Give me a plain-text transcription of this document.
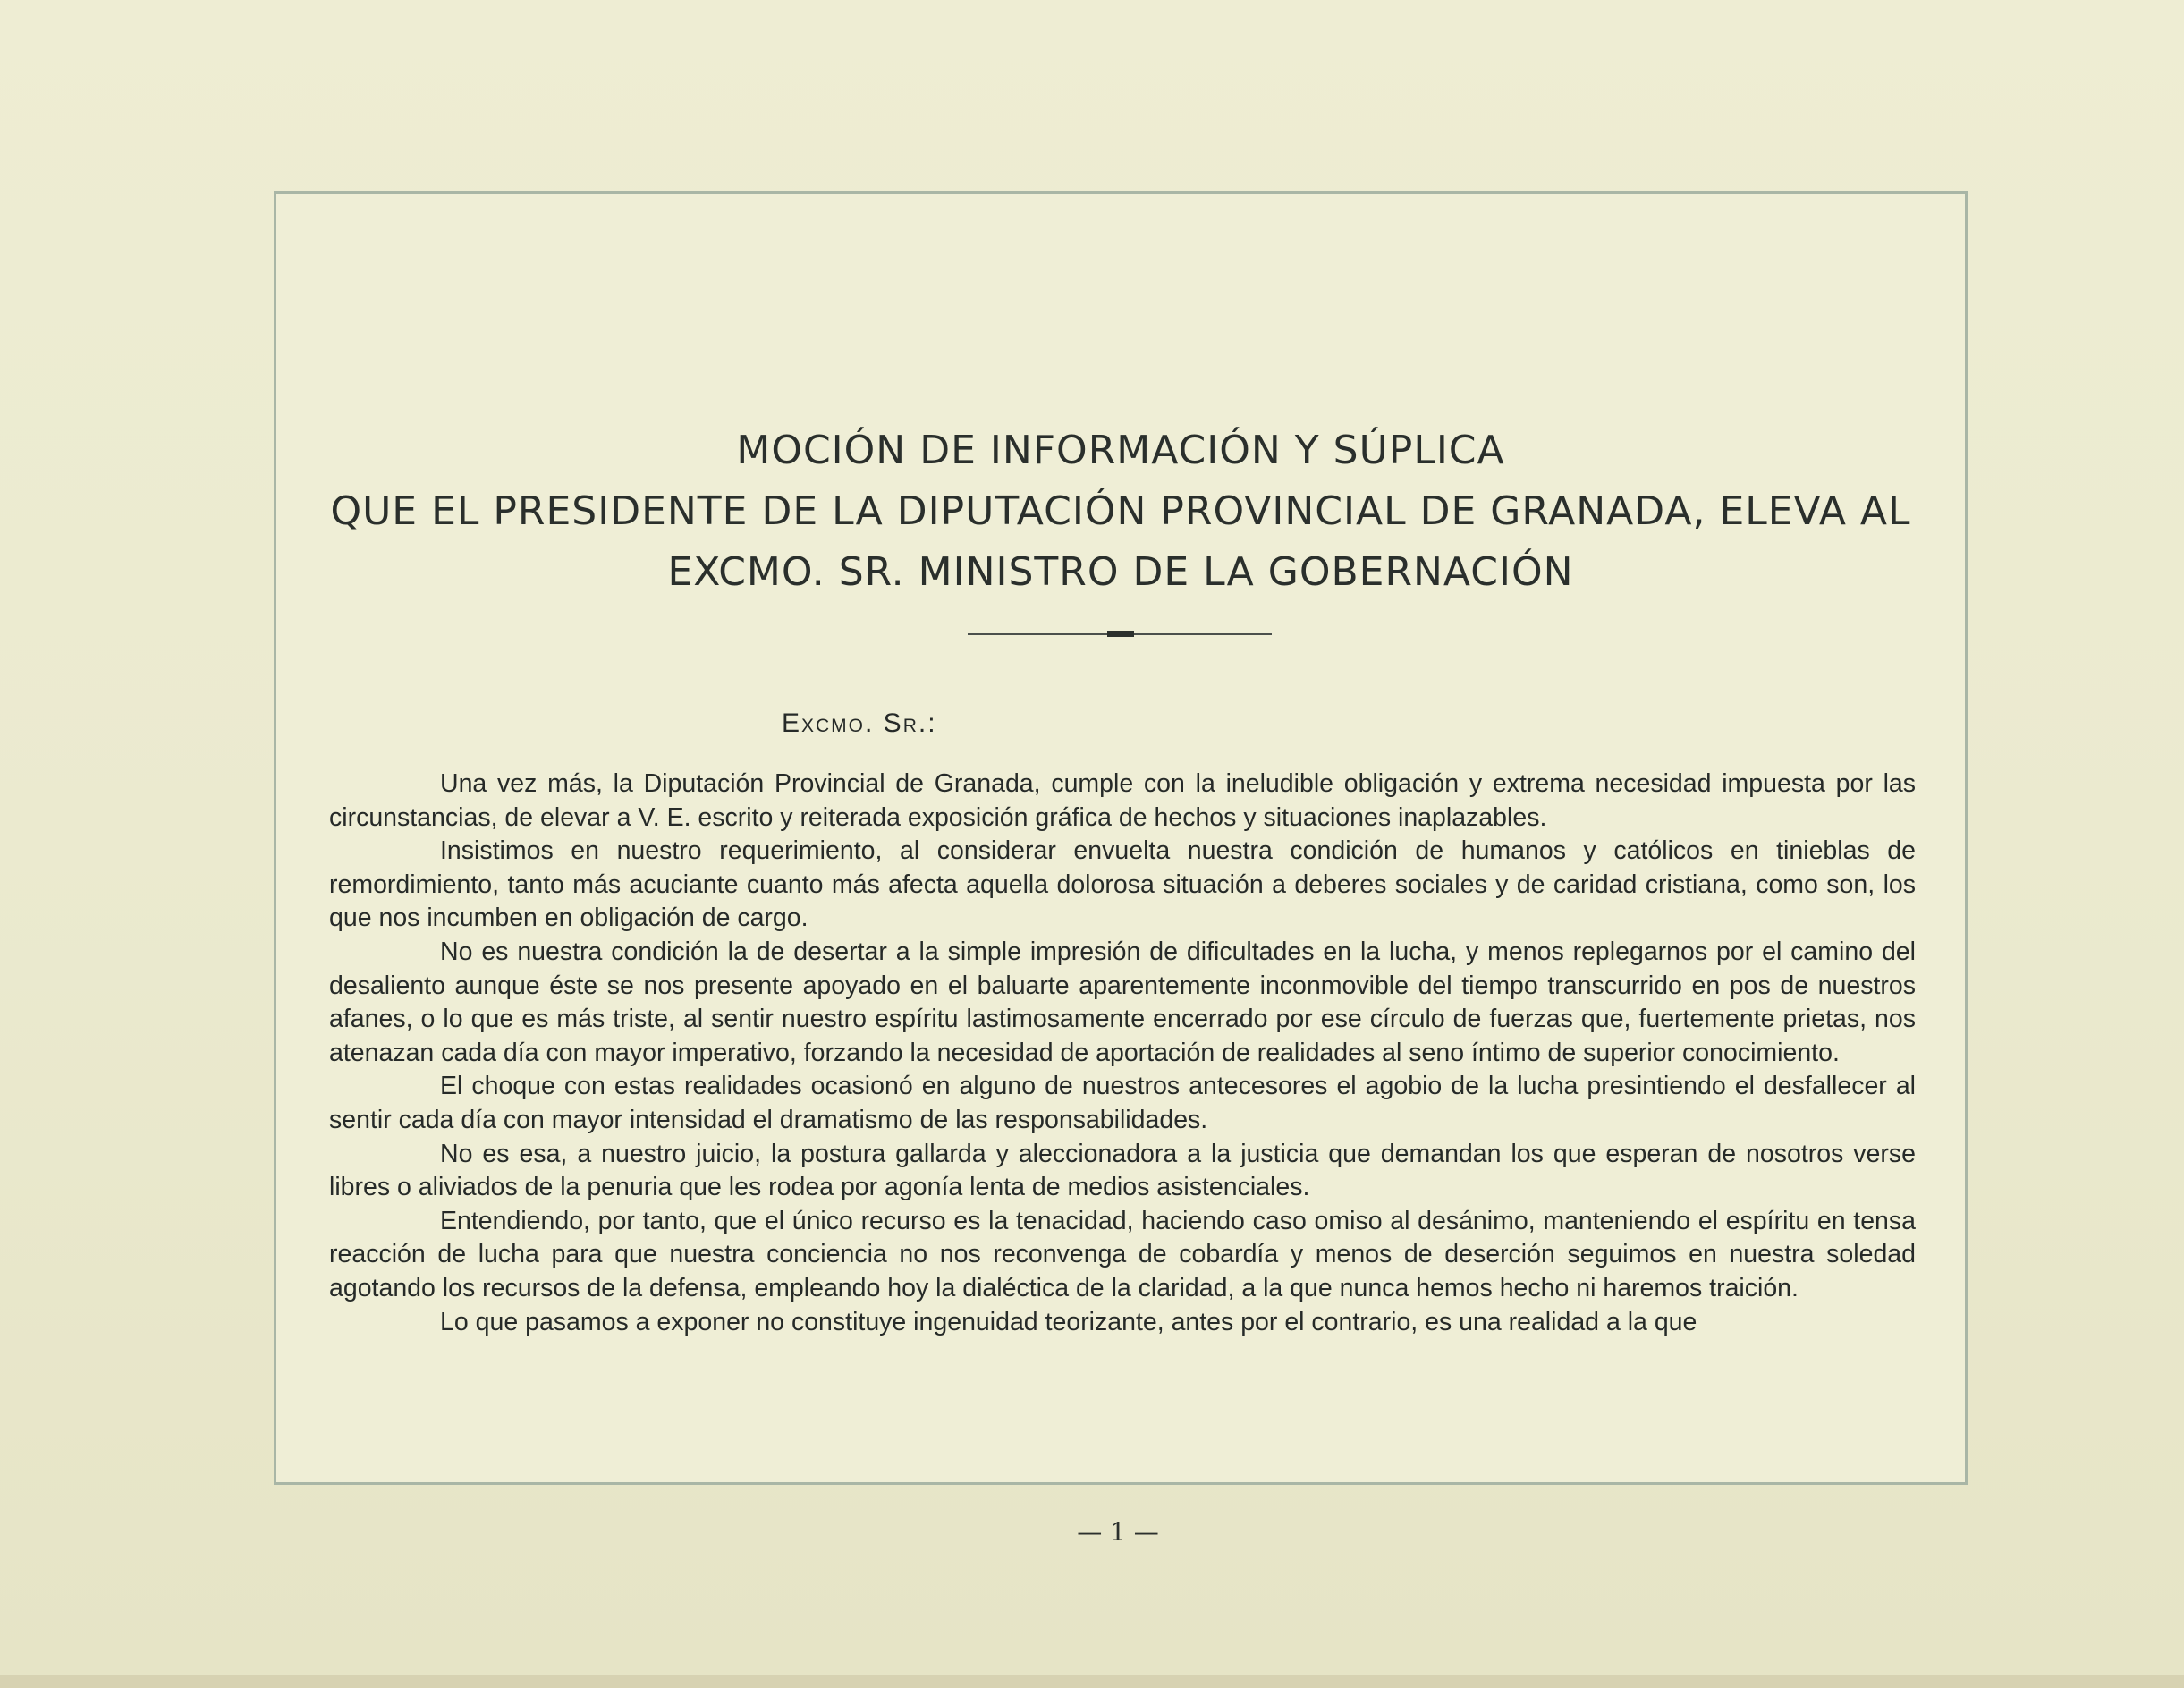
MOCIÓN DE INFORMACIÓN Y SÚPLICA
QUE EL PRESIDENTE DE LA DIPUTACIÓN PROVINCIAL DE GRANADA, ELEVA AL
EXCMO. SR. MINISTRO DE LA GOBERNACIÓN
Excmo. Sr.:

Una vez más, la Diputación Provincial de Granada, cumple con la ineludible obligación y extrema necesidad impuesta por las circunstancias, de elevar a V. E. escrito y reiterada exposición gráfica de hechos y situaciones inaplazables.

Insistimos en nuestro requerimiento, al considerar envuelta nuestra condición de humanos y católicos en tinieblas de remordimiento, tanto más acuciante cuanto más afecta aquella dolorosa situación a deberes sociales y de caridad cristiana, como son, los que nos incumben en obligación de cargo.

No es nuestra condición la de desertar a la simple impresión de dificultades en la lucha, y menos replegarnos por el camino del desaliento aunque éste se nos presente apoyado en el baluarte aparentemente inconmovible del tiempo transcurrido en pos de nuestros afanes, o lo que es más triste, al sentir nuestro espíritu lastimosamente encerrado por ese círculo de fuerzas que, fuertemente prietas, nos atenazan cada día con mayor imperativo, forzando la necesidad de aportación de realidades al seno íntimo de superior conocimiento.

El choque con estas realidades ocasionó en alguno de nuestros antecesores el agobio de la lucha presintiendo el desfallecer al sentir cada día con mayor intensidad el dramatismo de las responsabilidades.

No es esa, a nuestro juicio, la postura gallarda y aleccionadora a la justicia que demandan los que esperan de nosotros verse libres o aliviados de la penuria que les rodea por agonía lenta de medios asistenciales.

Entendiendo, por tanto, que el único recurso es la tenacidad, haciendo caso omiso al desánimo, manteniendo el espíritu en tensa reacción de lucha para que nuestra conciencia no nos reconvenga de cobardía y menos de deserción seguimos en nuestra soledad agotando los recursos de la defensa, empleando hoy la dialéctica de la claridad, a la que nunca hemos hecho ni haremos traición.

Lo que pasamos a exponer no constituye ingenuidad teorizante, antes por el contrario, es una realidad a la que

— 1 —
